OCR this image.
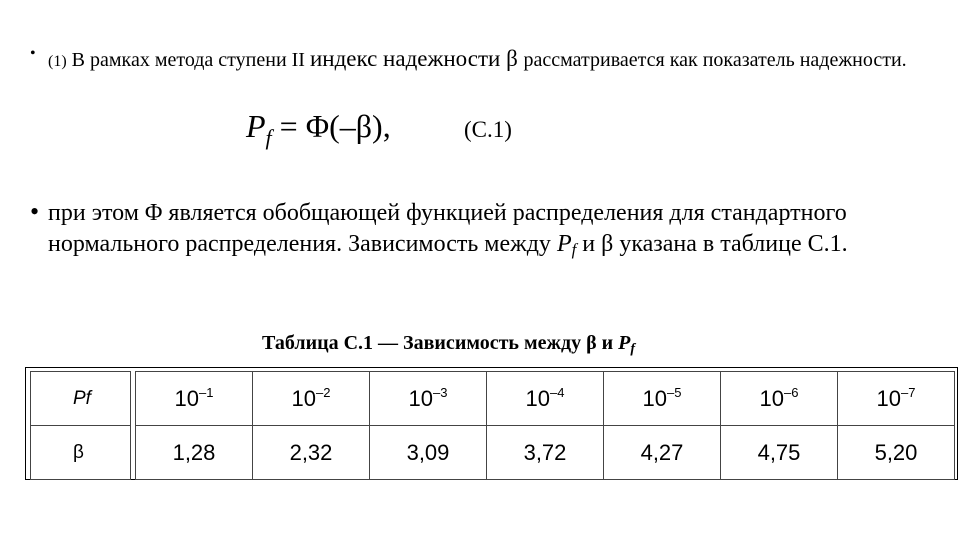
• (1) В рамках метода ступени II индекс надежности β рассматривается как показатель надежности.
$P_f = \Phi(-\beta)$,	(С.1)
• при этом Φ является обобщающей функцией распределения для стандартного нормального распределения. Зависимость между $P_f$ и β указана в таблице С.1.
Таблица С.1 — Зависимость между β и $P_f$
Pf		$10^{-1}$	$10^{-2}$	$10^{-3}$	$10^{-4}$	$10^{-5}$	$10^{-6}$	$10^{-7}$
β		1,28	2,32	3,09	3,72	4,27	4,75	5,20
